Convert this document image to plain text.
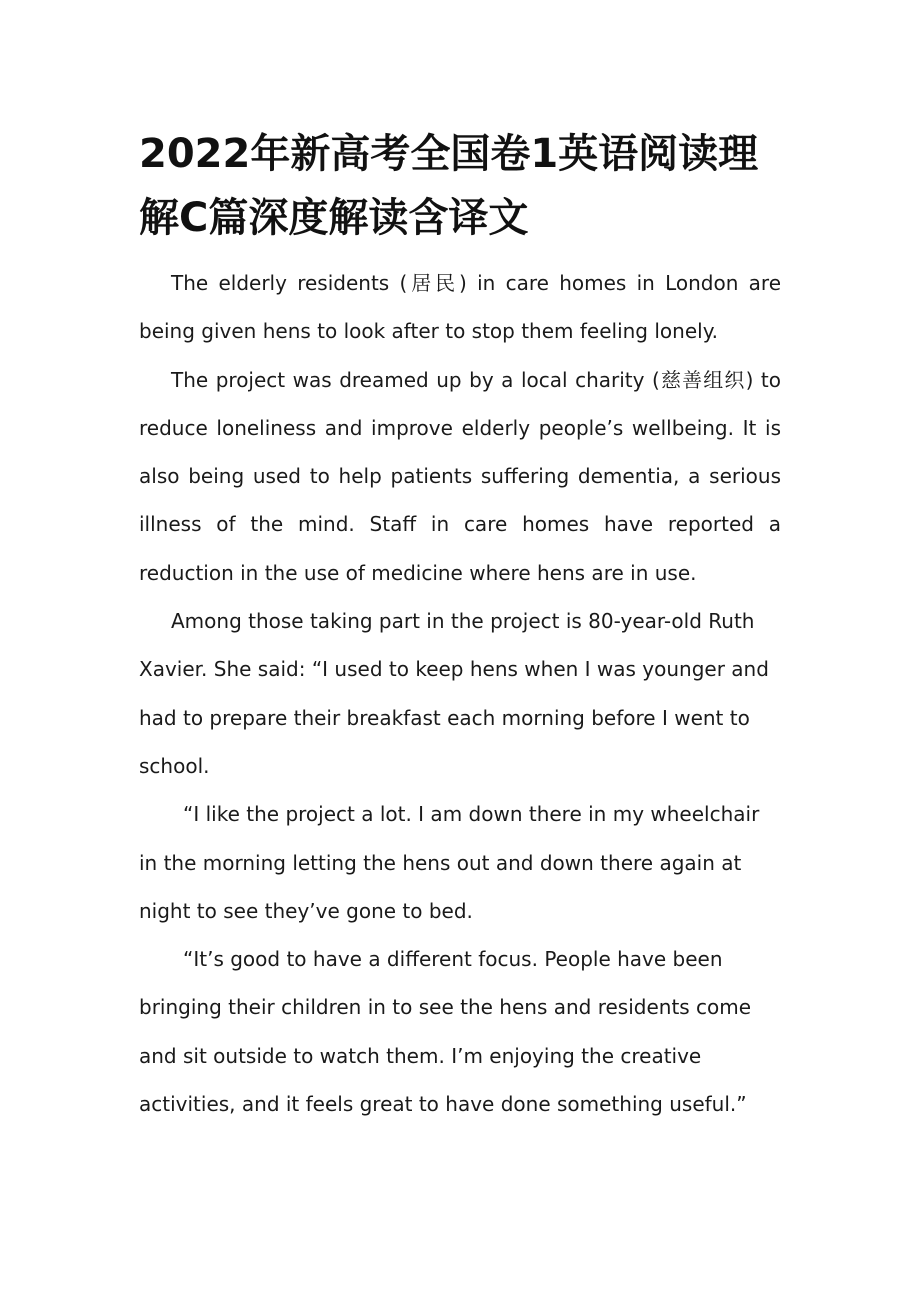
2022年新高考全国卷1英语阅读理解C篇深度解读含译文

The elderly residents (居民) in care homes in London are being given hens to look after to stop them feeling lonely.

The project was dreamed up by a local charity (慈善组织) to reduce loneliness and improve elderly people’s wellbeing. It is also being used to help patients suffering dementia, a serious illness of the mind. Staff in care homes have reported a reduction in the use of medicine where hens are in use.

Among those taking part in the project is 80-year-old Ruth Xavier. She said: “I used to keep hens when I was younger and had to prepare their breakfast each morning before I went to school.

“I like the project a lot. I am down there in my wheelchair in the morning letting the hens out and down there again at night to see they’ve gone to bed.

“It’s good to have a different focus. People have been bringing their children in to see the hens and residents come and sit outside to watch them. I’m enjoying the creative activities, and it feels great to have done something useful.”
